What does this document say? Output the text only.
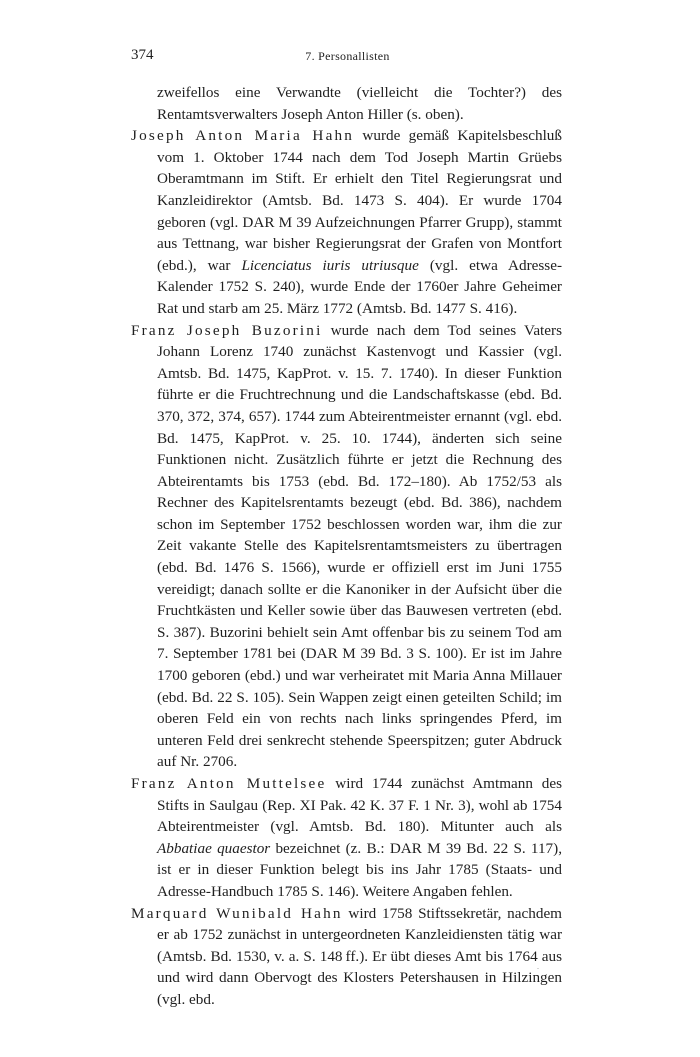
374	7. Personallisten

zweifellos eine Verwandte (vielleicht die Tochter?) des Rentamtsverwalters Joseph Anton Hiller (s. oben).

Joseph Anton Maria Hahn wurde gemäß Kapitelsbeschluß vom 1. Oktober 1744 nach dem Tod Joseph Martin Grüebs Oberamtmann im Stift. Er erhielt den Titel Regierungsrat und Kanzleidirektor (Amtsb. Bd. 1473 S. 404). Er wurde 1704 geboren (vgl. DAR M 39 Aufzeichnungen Pfarrer Grupp), stammt aus Tettnang, war bisher Regierungsrat der Grafen von Montfort (ebd.), war Licenciatus iuris utriusque (vgl. etwa Adresse-Kalender 1752 S. 240), wurde Ende der 1760er Jahre Geheimer Rat und starb am 25. März 1772 (Amtsb. Bd. 1477 S. 416).

Franz Joseph Buzorini wurde nach dem Tod seines Vaters Johann Lorenz 1740 zunächst Kastenvogt und Kassier (vgl. Amtsb. Bd. 1475, KapProt. v. 15. 7. 1740). In dieser Funktion führte er die Fruchtrechnung und die Landschaftskasse (ebd. Bd. 370, 372, 374, 657). 1744 zum Abteirentmeister ernannt (vgl. ebd. Bd. 1475, KapProt. v. 25. 10. 1744), änderten sich seine Funktionen nicht. Zusätzlich führte er jetzt die Rechnung des Abteirentamts bis 1753 (ebd. Bd. 172–180). Ab 1752/​53 als Rechner des Kapitelsrentamts bezeugt (ebd. Bd. 386), nachdem schon im September 1752 beschlossen worden war, ihm die zur Zeit vakante Stelle des Kapitelsrentamtsmeisters zu übertragen (ebd. Bd. 1476 S. 1566), wurde er offiziell erst im Juni 1755 vereidigt; danach sollte er die Kanoniker in der Aufsicht über die Fruchtkästen und Keller sowie über das Bauwesen vertreten (ebd. S. 387). Buzorini behielt sein Amt offenbar bis zu seinem Tod am 7. September 1781 bei (DAR M 39 Bd. 3 S. 100). Er ist im Jahre 1700 geboren (ebd.) und war verheiratet mit Maria Anna Millauer (ebd. Bd. 22 S. 105). Sein Wappen zeigt einen geteilten Schild; im oberen Feld ein von rechts nach links springendes Pferd, im unteren Feld drei senkrecht stehende Speerspitzen; guter Abdruck auf Nr. 2706.

Franz Anton Muttelsee wird 1744 zunächst Amtmann des Stifts in Saulgau (Rep. XI Pak. 42 K. 37 F. 1 Nr. 3), wohl ab 1754 Abteirentmeister (vgl. Amtsb. Bd. 180). Mitunter auch als Abbatiae quaestor bezeichnet (z. B.: DAR M 39 Bd. 22 S. 117), ist er in dieser Funktion belegt bis ins Jahr 1785 (Staats- und Adresse-Handbuch 1785 S. 146). Weitere Angaben fehlen.

Marquard Wunibald Hahn wird 1758 Stiftssekretär, nachdem er ab 1752 zunächst in untergeordneten Kanzleidiensten tätig war (Amtsb. Bd. 1530, v. a. S. 148 ff.). Er übt dieses Amt bis 1764 aus und wird dann Obervogt des Klosters Petershausen in Hilzingen (vgl. ebd.
